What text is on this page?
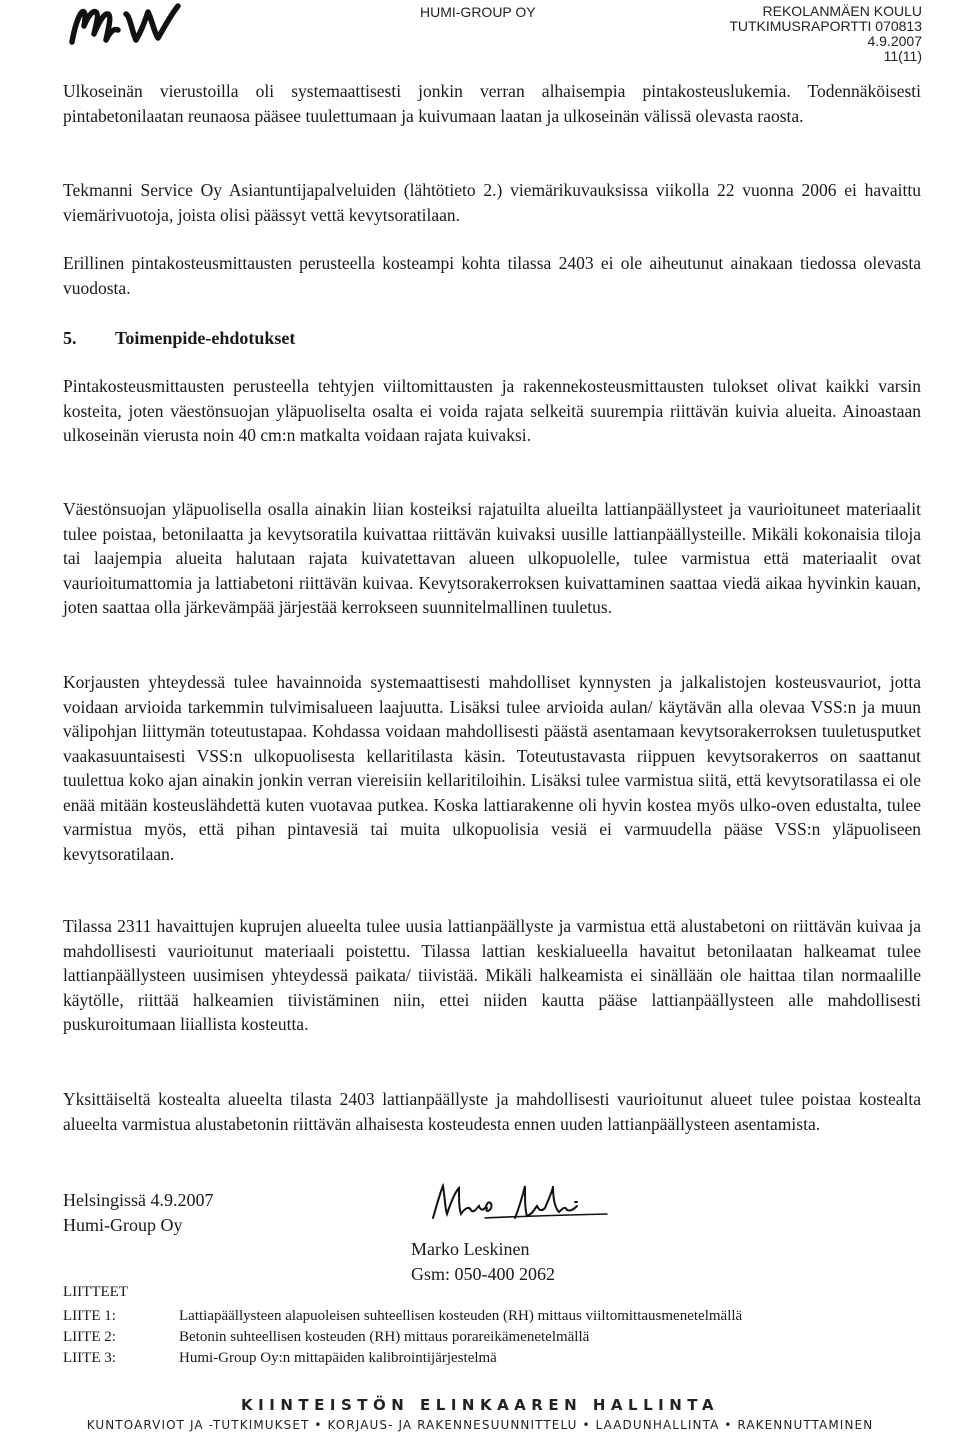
HUMI-GROUP OY	REKOLANMÄEN KOULU
TUTKIMUSRAPORTTI 070813
4.9.2007
11(11)

Ulkoseinän vierustoilla oli systemaattisesti jonkin verran alhaisempia pintakosteuslukemia. Todennäköisesti pintabetonilaatan reunaosa pääsee tuulettumaan ja kuivumaan laatan ja ulkoseinän välissä olevasta raosta.

Tekmanni Service Oy Asiantuntijapalveluiden (lähtötieto 2.) viemärikuvauksissa viikolla 22 vuonna 2006 ei havaittu viemärivuotoja, joista olisi päässyt vettä kevytsoratilaan.

Erillinen pintakosteusmittausten perusteella kosteampi kohta tilassa 2403 ei ole aiheutunut ainakaan tiedossa olevasta vuodosta.

5. Toimenpide-ehdotukset

Pintakosteusmittausten perusteella tehtyjen viiltomittausten ja rakennekosteusmittausten tulokset olivat kaikki varsin kosteita, joten väestönsuojan yläpuoliselta osalta ei voida rajata selkeitä suurempia riittävän kuivia alueita. Ainoastaan ulkoseinän vierusta noin 40 cm:n matkalta voidaan rajata kuivaksi.

Väestönsuojan yläpuolisella osalla ainakin liian kosteiksi rajatuilta alueilta lattianpäällysteet ja vaurioituneet materiaalit tulee poistaa, betonilaatta ja kevytsoratila kuivattaa riittävän kuivaksi uusille lattianpäällysteille. Mikäli kokonaisia tiloja tai laajempia alueita halutaan rajata kuivatettavan alueen ulkopuolelle, tulee varmistua että materiaalit ovat vaurioitumattomia ja lattiabetoni riittävän kuivaa. Kevytsorakerroksen kuivattaminen saattaa viedä aikaa hyvinkin kauan, joten saattaa olla järkevämpää järjestää kerrokseen suunnitelmallinen tuuletus.

Korjausten yhteydessä tulee havainnoida systemaattisesti mahdolliset kynnysten ja jalkalistojen kosteusvauriot, jotta voidaan arvioida tarkemmin tulvimisalueen laajuutta. Lisäksi tulee arvioida aulan/ käytävän alla olevaa VSS:n ja muun välipohjan liittymän toteutustapaa. Kohdassa voidaan mahdollisesti päästä asentamaan kevytsorakerroksen tuuletusputket vaakasuuntaisesti VSS:n ulkopuolisesta kellaritilasta käsin. Toteutustavasta riippuen kevytsorakerros on saattanut tuulettua koko ajan ainakin jonkin verran viereisiin kellaritiloihin. Lisäksi tulee varmistua siitä, että kevytsoratilassa ei ole enää mitään kosteuslähdettä kuten vuotavaa putkea. Koska lattiarakenne oli hyvin kostea myös ulko-oven edustalta, tulee varmistua myös, että pihan pintavesiä tai muita ulkopuolisia vesiä ei varmuudella pääse VSS:n yläpuoliseen kevytsoratilaan.

Tilassa 2311 havaittujen kuprujen alueelta tulee uusia lattianpäällyste ja varmistua että alustabetoni on riittävän kuivaa ja mahdollisesti vaurioitunut materiaali poistettu. Tilassa lattian keskialueella havaitut betonilaatan halkeamat tulee lattianpäällysteen uusimisen yhteydessä paikata/ tiivistää. Mikäli halkeamista ei sinällään ole haittaa tilan normaalille käytölle, riittää halkeamien tiivistäminen niin, ettei niiden kautta pääse lattianpäällysteen alle mahdollisesti puskuroitumaan liiallista kosteutta.

Yksittäiseltä kostealta alueelta tilasta 2403 lattianpäällyste ja mahdollisesti vaurioitunut alueet tulee poistaa kostealta alueelta varmistua alustabetonin riittävän alhaisesta kosteudesta ennen uuden lattianpäällysteen asentamista.

Helsingissä 4.9.2007
Humi-Group Oy
Marko Leskinen
Gsm: 050-400 2062
LIITTEET
LIITE 1:	Lattiapäällysteen alapuoleisen suhteellisen kosteuden (RH) mittaus viiltomittausmenetelmällä
LIITE 2:	Betonin suhteellisen kosteuden (RH) mittaus porareikämenetelmällä
LIITE 3:	Humi-Group Oy:n mittapäiden kalibrointijärjestelmä
KIINTEISTÖN ELINKAAREN HALLINTA
KUNTOARVIOT JA -TUTKIMUKSET • KORJAUS- JA RAKENNESUUNNITTELU • LAADUNHALLINTA • RAKENNUTTAMINEN
